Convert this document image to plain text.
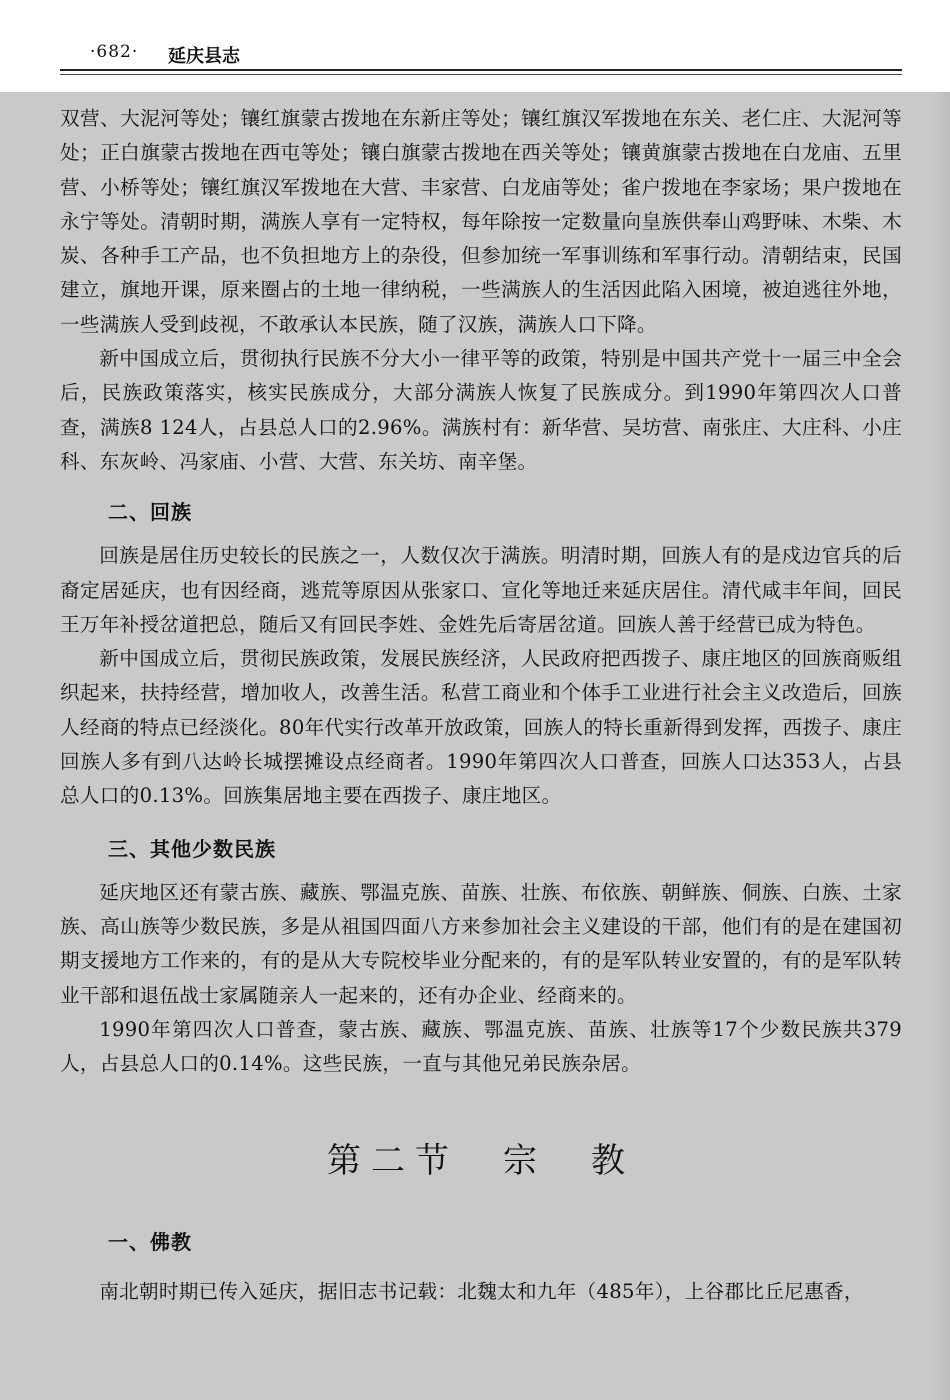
·682· 延庆县志

双营、大泥河等处；镶红旗蒙古拨地在东新庄等处；镶红旗汉军拨地在东关、老仁庄、大泥河等处；正白旗蒙古拨地在西屯等处；镶白旗蒙古拨地在西关等处；镶黄旗蒙古拨地在白龙庙、五里营、小桥等处；镶红旗汉军拨地在大营、丰家营、白龙庙等处；雀户拨地在李家场；果户拨地在永宁等处。清朝时期，满族人享有一定特权，每年除按一定数量向皇族供奉山鸡野味、木柴、木炭、各种手工产品，也不负担地方上的杂役，但参加统一军事训练和军事行动。清朝结束，民国建立，旗地开课，原来圈占的土地一律纳税，一些满族人的生活因此陷入困境，被迫逃往外地，一些满族人受到歧视，不敢承认本民族，随了汉族，满族人口下降。

新中国成立后，贯彻执行民族不分大小一律平等的政策，特别是中国共产党十一届三中全会后，民族政策落实，核实民族成分，大部分满族人恢复了民族成分。到1990年第四次人口普查，满族8 124人，占县总人口的2.96%。满族村有：新华营、吴坊营、南张庄、大庄科、小庄科、东灰岭、冯家庙、小营、大营、东关坊、南辛堡。

二、回族

回族是居住历史较长的民族之一，人数仅次于满族。明清时期，回族人有的是戍边官兵的后裔定居延庆，也有因经商，逃荒等原因从张家口、宣化等地迁来延庆居住。清代咸丰年间，回民王万年补授岔道把总，随后又有回民李姓、金姓先后寄居岔道。回族人善于经营已成为特色。

新中国成立后，贯彻民族政策，发展民族经济，人民政府把西拨子、康庄地区的回族商贩组织起来，扶持经营，增加收人，改善生活。私营工商业和个体手工业进行社会主义改造后，回族人经商的特点已经淡化。80年代实行改革开放政策，回族人的特长重新得到发挥，西拨子、康庄回族人多有到八达岭长城摆摊设点经商者。1990年第四次人口普查，回族人口达353人，占县总人口的0.13%。回族集居地主要在西拨子、康庄地区。

三、其他少数民族

延庆地区还有蒙古族、藏族、鄂温克族、苗族、壮族、布依族、朝鲜族、侗族、白族、土家族、高山族等少数民族，多是从祖国四面八方来参加社会主义建设的干部，他们有的是在建国初期支援地方工作来的，有的是从大专院校毕业分配来的，有的是军队转业安置的，有的是军队转业干部和退伍战士家属随亲人一起来的，还有办企业、经商来的。

1990年第四次人口普查，蒙古族、藏族、鄂温克族、苗族、壮族等17个少数民族共379人，占县总人口的0.14%。这些民族，一直与其他兄弟民族杂居。

第二节　宗　教
一、佛教

南北朝时期已传入延庆，据旧志书记载：北魏太和九年（485年），上谷郡比丘尼惠香，
